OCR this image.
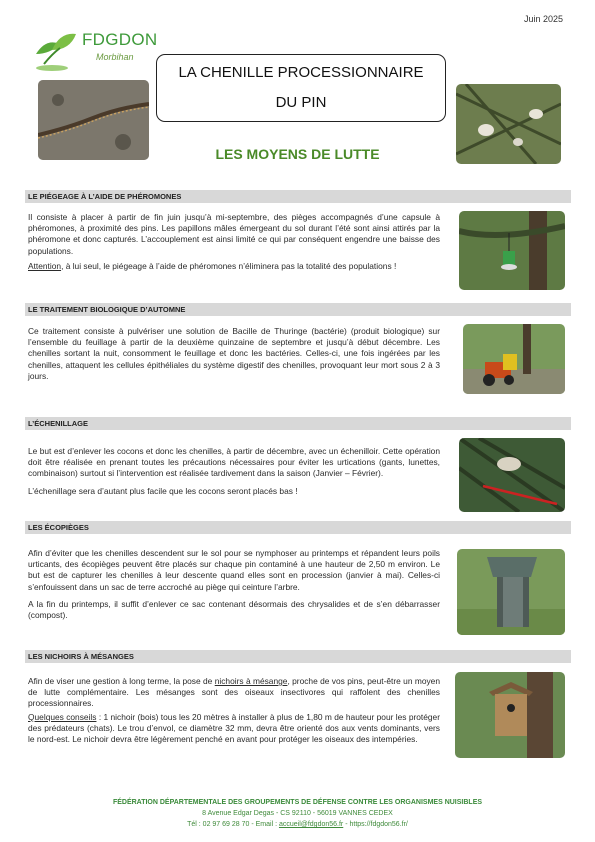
Juin 2025
FDGDON
Morbihan
LA CHENILLE PROCESSIONNAIRE
DU PIN
LES MOYENS DE LUTTE
LE PIÉGEAGE À L’AIDE DE PHÉROMONES

Il consiste à placer à partir de fin juin jusqu’à mi-septembre, des pièges accompagnés d’une capsule à phéromones, à proximité des pins. Les papillons mâles émergeant du sol durant l’été sont ainsi attirés par la phéromone et donc capturés. L’accouplement est ainsi limité ce qui par conséquent engendre une baisse des populations.

Attention, à lui seul, le piégeage à l’aide de phéromones n’éliminera pas la totalité des populations !

LE TRAITEMENT BIOLOGIQUE D’AUTOMNE

Ce traitement consiste à pulvériser une solution de Bacille de Thuringe (bactérie) (produit biologique) sur l’ensemble du feuillage à partir de la deuxième quinzaine de septembre et jusqu’à début décembre. Les chenilles sortant la nuit, consomment le feuillage et donc les bactéries. Celles-ci, une fois ingérées par les chenilles, attaquent les cellules épithéliales du système digestif des chenilles, provoquant leur mort sous 2 à 3 jours.

L’ÉCHENILLAGE

Le but est d’enlever les cocons et donc les chenilles, à partir de décembre, avec un échenilloir. Cette opération doit être réalisée en prenant toutes les précautions nécessaires pour éviter les urtications (gants, lunettes, combinaison) surtout si l’intervention est réalisée tardivement dans la saison (Janvier – Février).

L’échenillage sera d’autant plus facile que les cocons seront placés bas !

LES ÉCOPIÈGES

Afin d’éviter que les chenilles descendent sur le sol pour se nymphoser au printemps et répandent leurs poils urticants, des écopièges peuvent être placés sur chaque pin contaminé à une hauteur de 2,50 m environ. Le but est de capturer les chenilles à leur descente quand elles sont en procession (janvier à mai). Celles-ci s’enfouissent dans un sac de terre accroché au piège qui ceinture l’arbre.

A la fin du printemps, il suffit d’enlever ce sac contenant désormais des chrysalides et de s’en débarrasser (compost).

LES NICHOIRS À MÉSANGES

Afin de viser une gestion à long terme, la pose de nichoirs à mésange, proche de vos pins, peut-être un moyen de lutte complémentaire. Les mésanges sont des oiseaux insectivores qui raffolent des chenilles processionnaires.

Quelques conseils : 1 nichoir (bois) tous les 20 mètres à installer à plus de 1,80 m de hauteur pour les protéger des prédateurs (chats). Le trou d’envol, ce diamètre 32 mm, devra être orienté dos aux vents dominants, vers le nord-est. Le nichoir devra être légèrement penché en avant pour protéger les oiseaux des intempéries.

FÉDÉRATION DÉPARTEMENTALE DES GROUPEMENTS DE DÉFENSE CONTRE LES ORGANISMES NUISIBLES
8 Avenue Edgar Degas - CS 92110 - 56019 VANNES CEDEX
Tél : 02 97 69 28 70 - Email : accueil@fdgdon56.fr - https://fdgdon56.fr/
